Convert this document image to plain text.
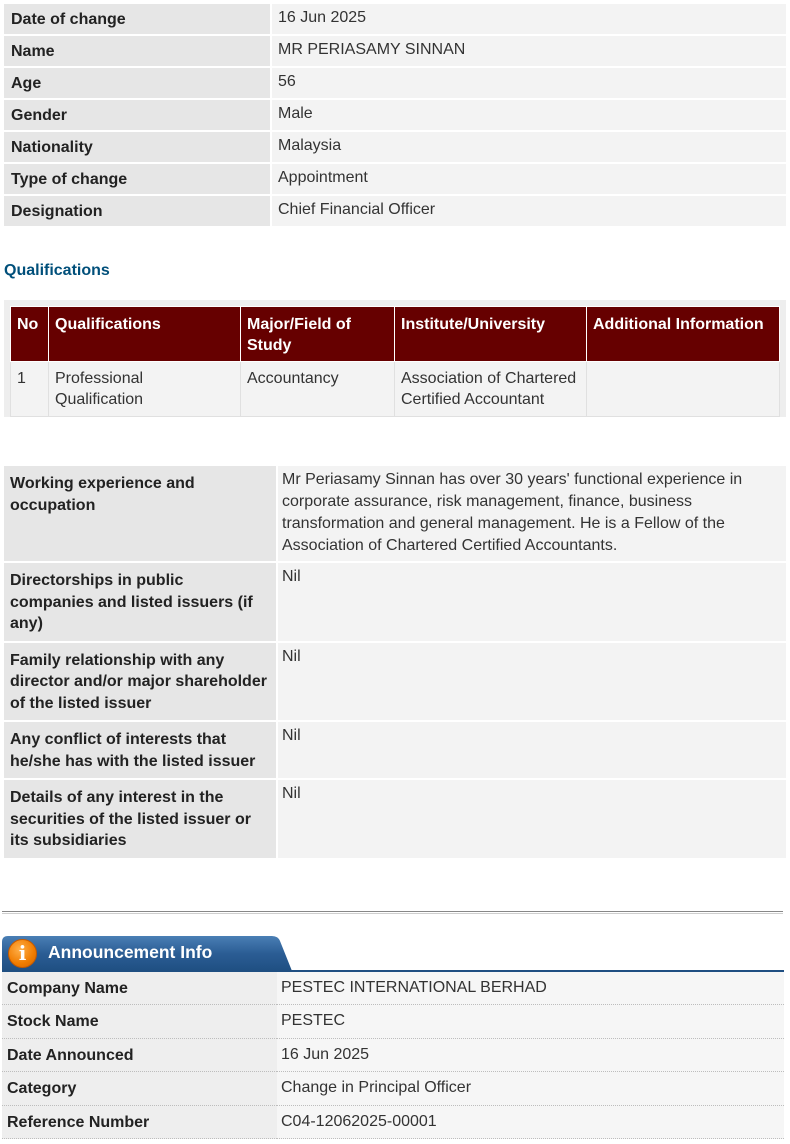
Date of change	16 Jun 2025
Name	MR PERIASAMY SINNAN
Age	56
Gender	Male
Nationality	Malaysia
Type of change	Appointment
Designation	Chief Financial Officer
Qualifications
No	Qualifications	Major/Field of Study	Institute/University	Additional Information
1	Professional Qualification	Accountancy	Association of Chartered Certified Accountant	
Working experience and occupation	Mr Periasamy Sinnan has over 30 years' functional experience in corporate assurance, risk management, finance, business transformation and general management. He is a Fellow of the Association of Chartered Certified Accountants.
Directorships in public companies and listed issuers (if any)	Nil
Family relationship with any director and/or major shareholder of the listed issuer	Nil
Any conflict of interests that he/she has with the listed issuer	Nil
Details of any interest in the securities of the listed issuer or its subsidiaries	Nil
i	Announcement Info
Company Name	PESTEC INTERNATIONAL BERHAD
Stock Name	PESTEC
Date Announced	16 Jun 2025
Category	Change in Principal Officer
Reference Number	C04-12062025-00001
